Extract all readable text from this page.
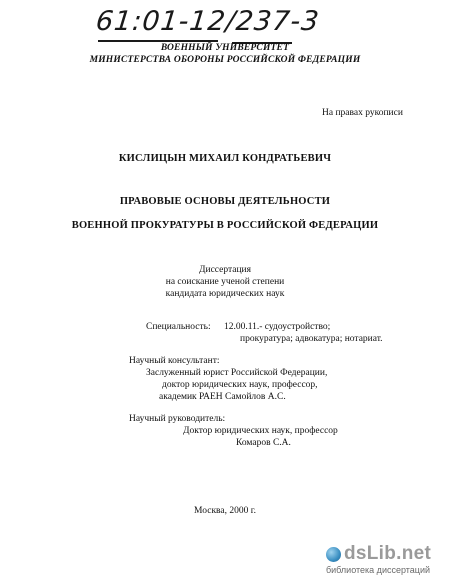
61:01-12/237-3
ВОЕННЫЙ УНИВЕРСИТЕТ
МИНИСТЕРСТВА ОБОРОНЫ РОССИЙСКОЙ ФЕДЕРАЦИИ
На правах рукописи
КИСЛИЦЫН МИХАИЛ КОНДРАТЬЕВИЧ
ПРАВОВЫЕ ОСНОВЫ ДЕЯТЕЛЬНОСТИ
ВОЕННОЙ ПРОКУРАТУРЫ В РОССИЙСКОЙ ФЕДЕРАЦИИ
Диссертация
на соискание ученой степени
кандидата юридических наук
Специальность: 12.00.11.- судоустройство;
прокуратура; адвокатура; нотариат.
Научный консультант:
Заслуженный юрист Российской Федерации,
доктор юридических наук, профессор,
академик РАЕН Самойлов А.С.
Научный руководитель:
Доктор юридических наук, профессор
Комаров С.А.
Москва, 2000 г.
dsLib.net
библиотека диссертаций
